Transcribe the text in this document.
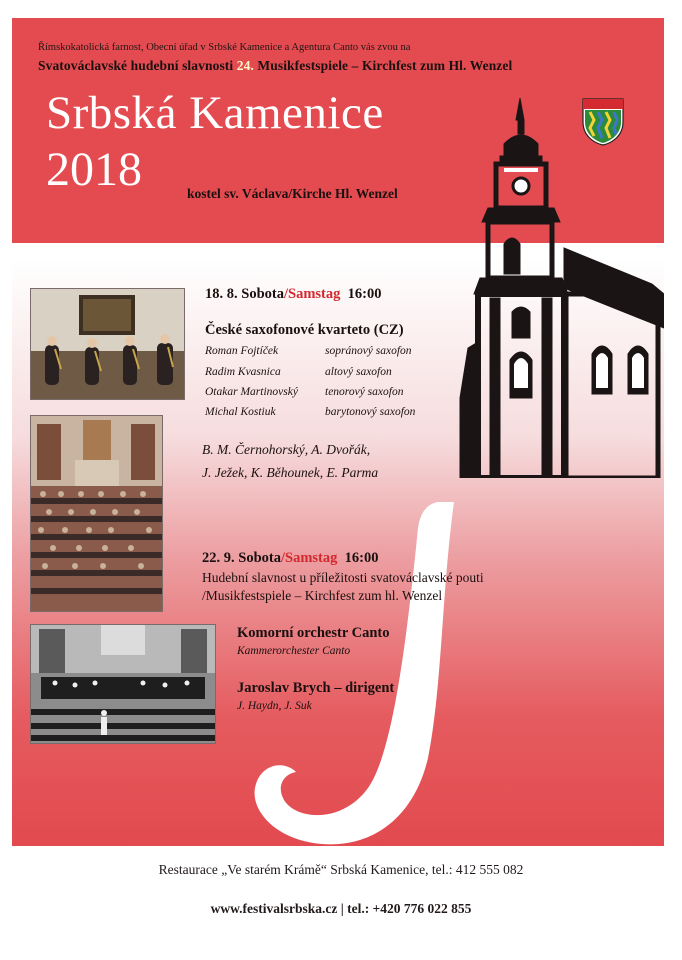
Římskokatolická farnost, Obecní úřad v Srbské Kamenice a Agentura Canto vás zvou na
Svatováclavské hudební slavnosti 24. Musikfestspiele – Kirchfest zum Hl. Wenzel
Srbská Kamenice
2018	kostel sv. Václava/Kirche Hl. Wenzel
18. 8. Sobota/Samstag 16:00
České saxofonové kvarteto (CZ)
Roman Fojtíček	sopránový saxofon
Radim Kvasnica	altový saxofon
Otakar Martinovský tenorový saxofon
Michal Kostiuk	barytonový saxofon
B. M. Černohorský, A. Dvořák,
J. Ježek, K. Běhounek, E. Parma
22. 9. Sobota/Samstag 16:00
Hudební slavnost u příležitosti svatováclavské pouti
/Musikfestspiele – Kirchfest zum hl. Wenzel
Komorní orchestr Canto
Kammerorchester Canto
Jaroslav Brych – dirigent
J. Haydn, J. Suk
Restaurace „Ve starém Krámě“ Srbská Kamenice, tel.: 412 555 082
www.festivalsrbska.cz | tel.: +420 776 022 855
